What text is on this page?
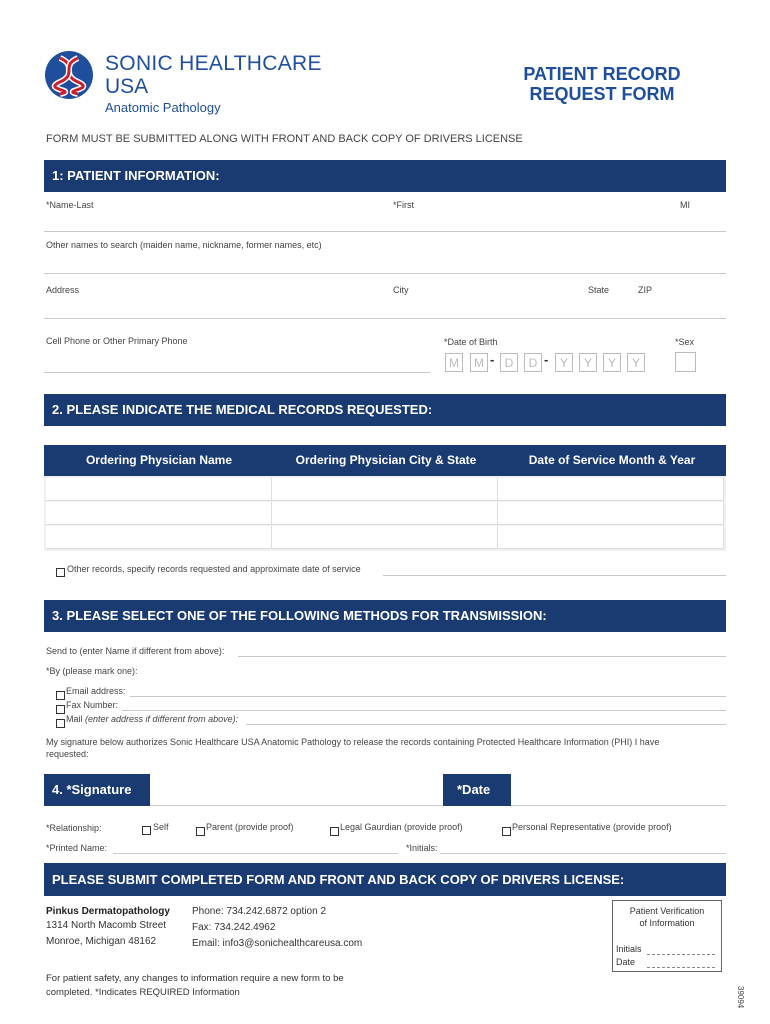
SONIC HEALTHCARE
USA
Anatomic Pathology
PATIENT RECORD
REQUEST FORM
FORM MUST BE SUBMITTED ALONG WITH FRONT AND BACK COPY OF DRIVERS LICENSE
1: PATIENT INFORMATION:
*Name-Last	*First	MI
Other names to search (maiden name, nickname, former names, etc)
Address	City	State	ZIP
Cell Phone or Other Primary Phone	*Date of Birth	*Sex
M	M - D	D - Y	Y	Y	Y
2. PLEASE INDICATE THE MEDICAL RECORDS REQUESTED:
Ordering Physician Name	Ordering Physician City & State	Date of Service Month & Year
Other records, specify records requested and approximate date of service
3. PLEASE SELECT ONE OF THE FOLLOWING METHODS FOR TRANSMISSION:
Send to (enter Name if different from above):
*By (please mark one):
Email address:
Fax Number:
Mail (enter address if different from above):
My signature below authorizes Sonic Healthcare USA Anatomic Pathology to release the records containing Protected Healthcare Information (PHI) I have requested:
4. *Signature	*Date
*Relationship:	Self	Parent (provide proof)	Legal Gaurdian (provide proof)	Personal Representative (provide proof)
*Printed Name:	*Initials:
PLEASE SUBMIT COMPLETED FORM AND FRONT AND BACK COPY OF DRIVERS LICENSE:
Pinkus Dermatopathology
1314 North Macomb Street
Monroe, Michigan 48162
Phone: 734.242.6872 option 2
Fax: 734.242.4962
Email: info3@sonichealthcareusa.com
Patient Verification
of Information
Initials
Date
For patient safety, any changes to information require a new form to be
completed. *Indicates REQUIRED Information	39094
